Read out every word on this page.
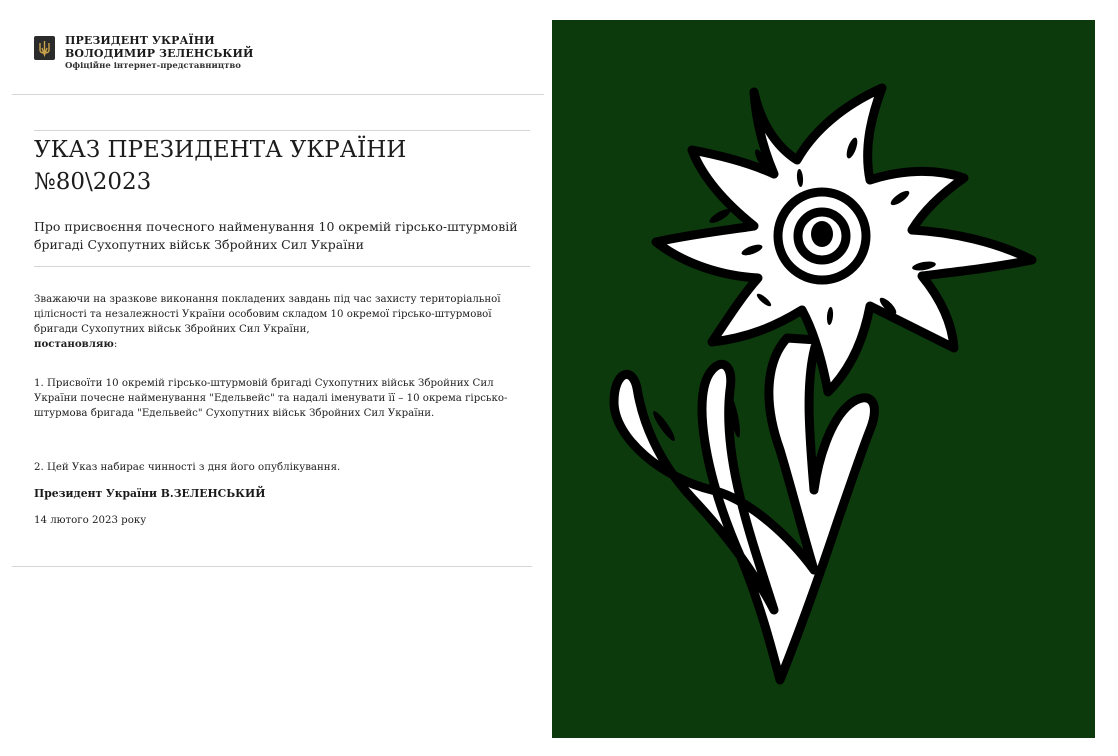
ПРЕЗИДЕНТ УКРАЇНИ
ВОЛОДИМИР ЗЕЛЕНСЬКИЙ
Офіційне інтернет-представництво
УКАЗ ПРЕЗИДЕНТА УКРАЇНИ
№80\2023
Про присвоєння почесного найменування 10 окремій гірсько-штурмовій бригаді Сухопутних військ Збройних Сил України

Зважаючи на зразкове виконання покладених завдань під час захисту територіальної цілісності та незалежності України особовим складом 10 окремої гірсько-штурмової бригади Сухопутних військ Збройних Сил України,
постановляю:

1. Присвоїти 10 окремій гірсько-штурмовій бригаді Сухопутних військ Збройних Сил України почесне найменування "Едельвейс" та надалі іменувати її – 10 окрема гірсько-штурмова бригада "Едельвейс" Сухопутних військ Збройних Сил України.

2. Цей Указ набирає чинності з дня його опублікування.

Президент України В.ЗЕЛЕНСЬКИЙ

14 лютого 2023 року
